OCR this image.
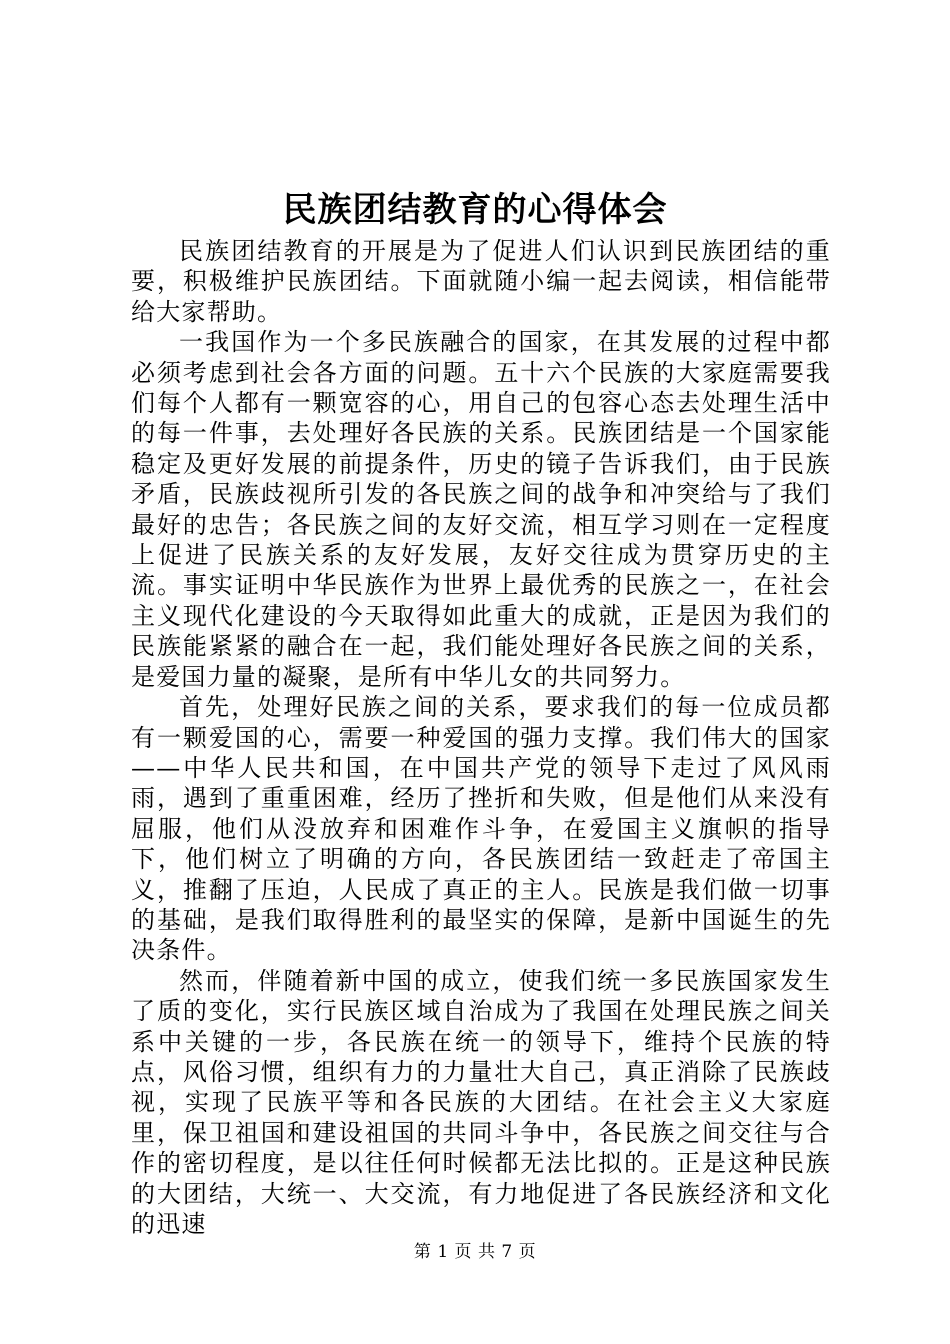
民族团结教育的心得体会

民族团结教育的开展是为了促进人们认识到民族团结的重要，积极维护民族团结。下面就随小编一起去阅读，相信能带给大家帮助。

一我国作为一个多民族融合的国家，在其发展的过程中都必须考虑到社会各方面的问题。五十六个民族的大家庭需要我们每个人都有一颗宽容的心，用自己的包容心态去处理生活中的每一件事，去处理好各民族的关系。民族团结是一个国家能稳定及更好发展的前提条件，历史的镜子告诉我们，由于民族矛盾，民族歧视所引发的各民族之间的战争和冲突给与了我们最好的忠告；各民族之间的友好交流，相互学习则在一定程度上促进了民族关系的友好发展，友好交往成为贯穿历史的主流。事实证明中华民族作为世界上最优秀的民族之一，在社会主义现代化建设的今天取得如此重大的成就，正是因为我们的民族能紧紧的融合在一起，我们能处理好各民族之间的关系，是爱国力量的凝聚，是所有中华儿女的共同努力。

首先，处理好民族之间的关系，要求我们的每一位成员都有一颗爱国的心，需要一种爱国的强力支撑。我们伟大的国家——中华人民共和国，在中国共产党的领导下走过了风风雨雨，遇到了重重困难，经历了挫折和失败，但是他们从来没有屈服，他们从没放弃和困难作斗争，在爱国主义旗帜的指导下，他们树立了明确的方向，各民族团结一致赶走了帝国主义，推翻了压迫，人民成了真正的主人。民族是我们做一切事的基础，是我们取得胜利的最坚实的保障，是新中国诞生的先决条件。

然而，伴随着新中国的成立，使我们统一多民族国家发生了质的变化，实行民族区域自治成为了我国在处理民族之间关系中关键的一步，各民族在统一的领导下，维持个民族的特点，风俗习惯，组织有力的力量壮大自己，真正消除了民族歧视，实现了民族平等和各民族的大团结。在社会主义大家庭里，保卫祖国和建设祖国的共同斗争中，各民族之间交往与合作的密切程度，是以往任何时候都无法比拟的。正是这种民族的大团结，大统一、大交流，有力地促进了各民族经济和文化的迅速

第 1 页 共 7 页
